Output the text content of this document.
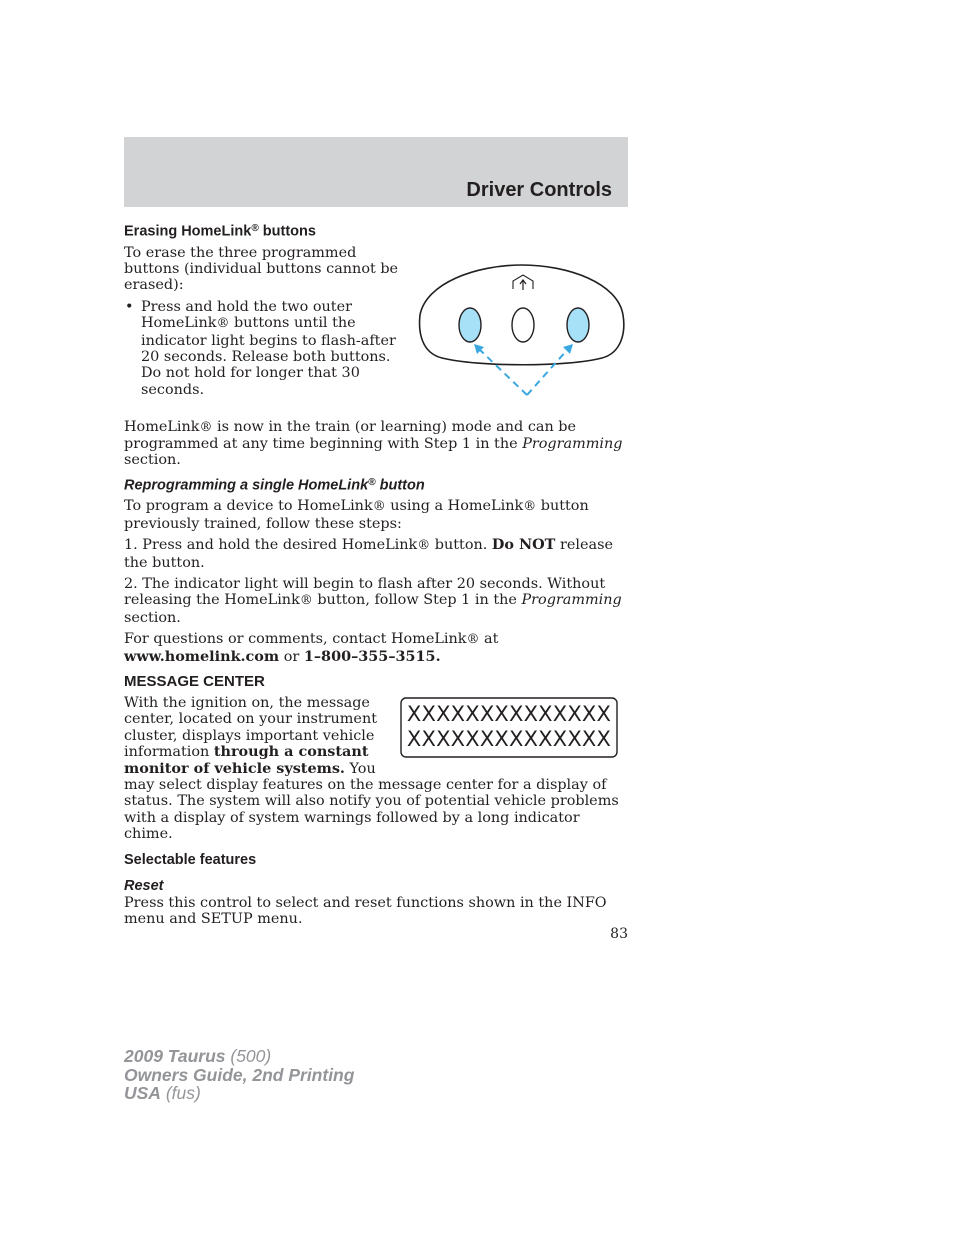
Driver Controls
Erasing HomeLink® buttons

To erase the three programmed buttons (individual buttons cannot be erased):

• Press and hold the two outer HomeLink® buttons until the indicator light begins to flash-after 20 seconds. Release both buttons. Do not hold for longer that 30 seconds.

HomeLink® is now in the train (or learning) mode and can be programmed at any time beginning with Step 1 in the Programming section.

Reprogramming a single HomeLink® button

To program a device to HomeLink® using a HomeLink® button previously trained, follow these steps:

1. Press and hold the desired HomeLink® button. Do NOT release the button.

2. The indicator light will begin to flash after 20 seconds. Without releasing the HomeLink® button, follow Step 1 in the Programming section.

For questions or comments, contact HomeLink® at www.homelink.com or 1–800–355–3515.

MESSAGE CENTER
XXXXXXXXXXXXXX
XXXXXXXXXXXXXX

With the ignition on, the message center, located on your instrument cluster, displays important vehicle information through a constant monitor of vehicle systems. You may select display features on the message center for a display of status. The system will also notify you of potential vehicle problems with a display of system warnings followed by a long indicator chime.

Selectable features
Reset

Press this control to select and reset functions shown in the INFO menu and SETUP menu.

83
2009 Taurus (500)
Owners Guide, 2nd Printing
USA (fus)
